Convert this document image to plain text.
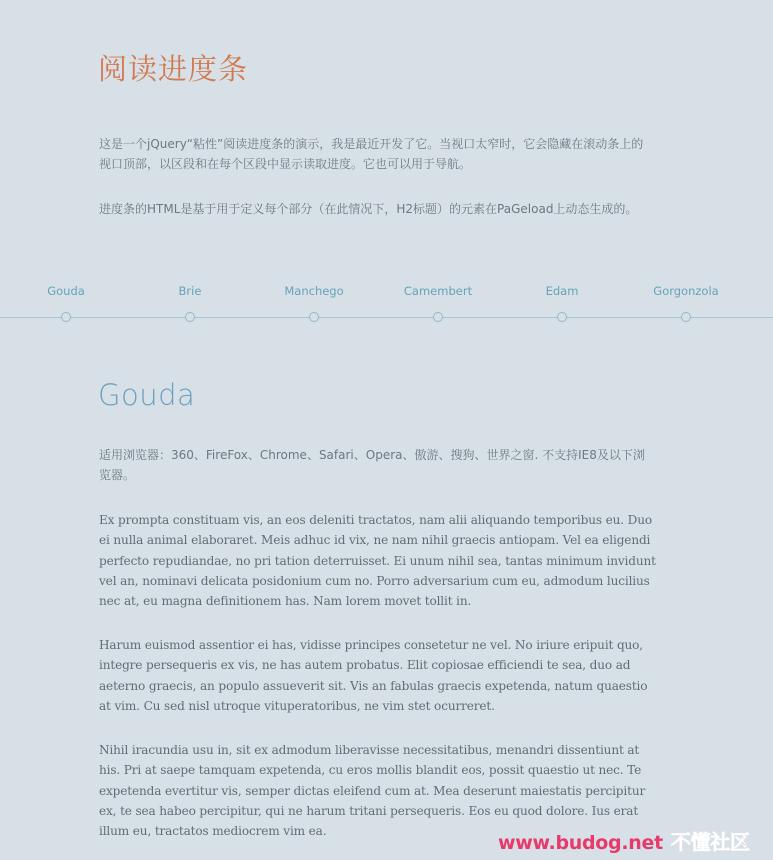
阅读进度条

这是一个jQuery“粘性”阅读进度条的演示，我是最近开发了它。当视口太窄时，它会隐藏在滚动条上的视口顶部，以区段和在每个区段中显示读取进度。它也可以用于导航。

进度条的HTML是基于用于定义每个部分（在此情况下，H2标题）的元素在PaGeload上动态生成的。

Gouda	Brie	Manchego	Camembert	Edam	Gorgonzola
Gouda

适用浏览器：360、FireFox、Chrome、Safari、Opera、傲游、搜狗、世界之窗. 不支持IE8及以下浏览器。

Ex prompta constituam vis, an eos deleniti tractatos, nam alii aliquando temporibus eu. Duo ei nulla animal elaboraret. Meis adhuc id vix, ne nam nihil graecis antiopam. Vel ea eligendi perfecto repudiandae, no pri tation deterruisset. Ei unum nihil sea, tantas minimum invidunt vel an, nominavi delicata posidonium cum no. Porro adversarium cum eu, admodum lucilius nec at, eu magna definitionem has. Nam lorem movet tollit in.

Harum euismod assentior ei has, vidisse principes consetetur ne vel. No iriure eripuit quo, integre persequeris ex vis, ne has autem probatus. Elit copiosae efficiendi te sea, duo ad aeterno graecis, an populo assueverit sit. Vis an fabulas graecis expetenda, natum quaestio at vim. Cu sed nisl utroque vituperatoribus, ne vim stet ocurreret.

Nihil iracundia usu in, sit ex admodum liberavisse necessitatibus, menandri dissentiunt at his. Pri at saepe tamquam expetenda, cu eros mollis blandit eos, possit quaestio ut nec. Te expetenda evertitur vis, semper dictas eleifend cum at. Mea deserunt maiestatis percipitur ex, te sea habeo percipitur, qui ne harum tritani persequeris. Eos eu quod dolore. Ius erat illum eu, tractatos mediocrem vim ea.

www.budog.net 不懂社区
